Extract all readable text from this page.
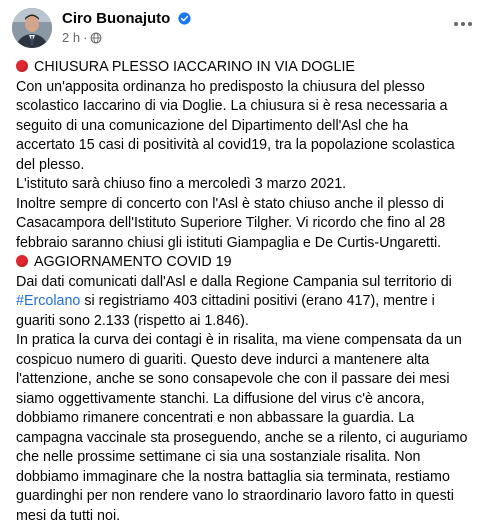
Ciro Buonajuto
2 h ·
CHIUSURA PLESSO IACCARINO IN VIA DOGLIE
Con un'apposita ordinanza ho predisposto la chiusura del plesso
scolastico Iaccarino di via Doglie. La chiusura si è resa necessaria a
seguito di una comunicazione del Dipartimento dell'Asl che ha
accertato 15 casi di positività al covid19, tra la popolazione scolastica
del plesso.
L'istituto sarà chiuso fino a mercoledì 3 marzo 2021.
Inoltre sempre di concerto con l'Asl è stato chiuso anche il plesso di
Casacampora dell'Istituto Superiore Tilgher. Vi ricordo che fino al 28
febbraio saranno chiusi gli istituti Giampaglia e De Curtis-Ungaretti.
AGGIORNAMENTO COVID 19
Dai dati comunicati dall'Asl e dalla Regione Campania sul territorio di
#Ercolano si registriamo 403 cittadini positivi (erano 417), mentre i
guariti sono 2.133 (rispetto ai 1.846).
In pratica la curva dei contagi è in risalita, ma viene compensata da un
cospicuo numero di guariti. Questo deve indurci a mantenere alta
l'attenzione, anche se sono consapevole che con il passare dei mesi
siamo oggettivamente stanchi. La diffusione del virus c'è ancora,
dobbiamo rimanere concentrati e non abbassare la guardia. La
campagna vaccinale sta proseguendo, anche se a rilento, ci auguriamo
che nelle prossime settimane ci sia una sostanziale risalita. Non
dobbiamo immaginare che la nostra battaglia sia terminata, restiamo
guardinghi per non rendere vano lo straordinario lavoro fatto in questi
mesi da tutti noi.
